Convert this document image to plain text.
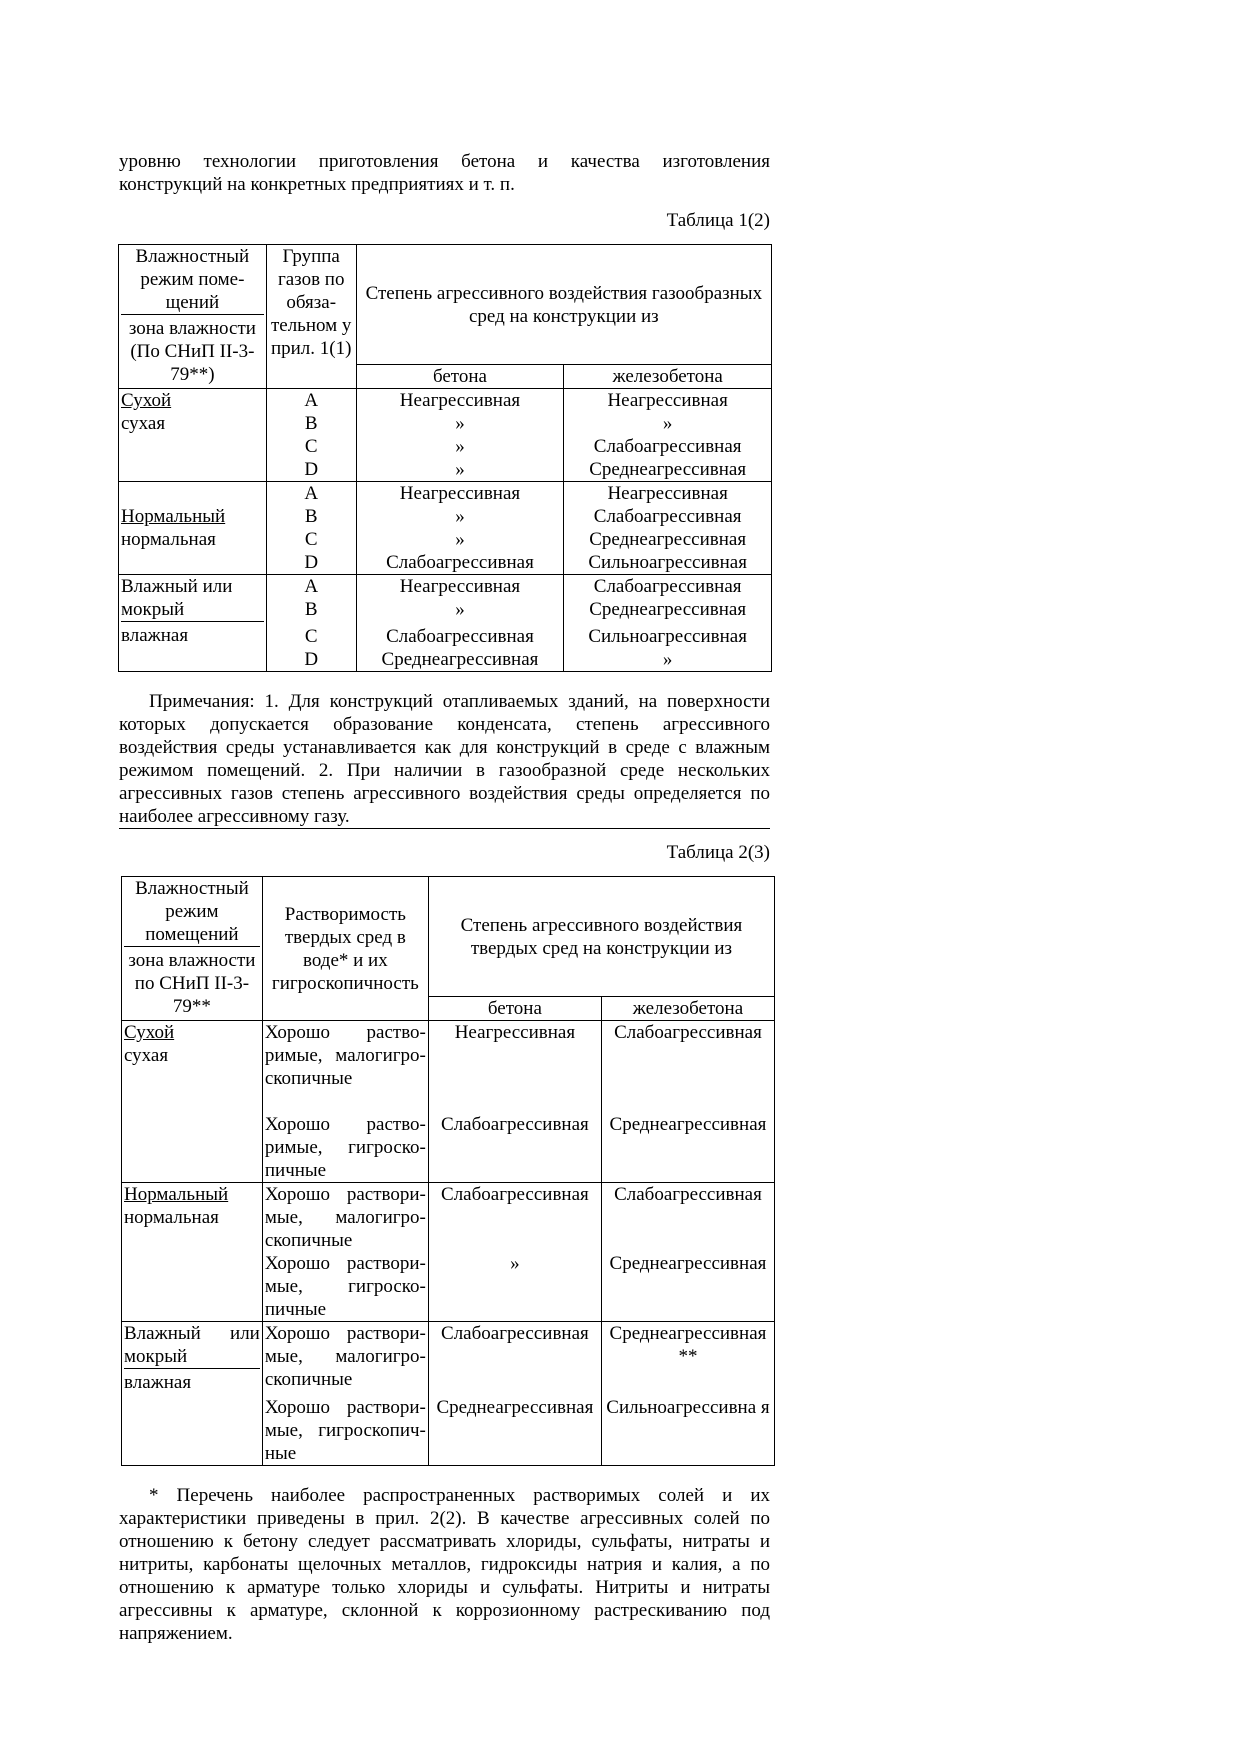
уровню технологии приготовления бетона и качества изготовления конструкций на конкретных предприятиях и т. п.
Таблица 1(2)
Влажностный режим поме-щений
зона влажности (По СНиП II-3-79**)	Группа газов по обяза-тельном у прил. 1(1)	Степень агрессивного воздействия газообразных сред на конструкции из	
		бетона	железобетона

Сухой
сухая	A	Неагрессивная	Неагрессивная
	B	»	»
	C	»	Слабоагрессивная
	D	»	Среднеагрессивная

Нормальный
нормальная	A	Неагрессивная	Неагрессивная
	B	»	Слабоагрессивная
	C	»	Среднеагрессивная
	D	Слабоагрессивная	Сильноагрессивная

Влажный или мокрый
влажная	A	Неагрессивная	Слабоагрессивная
	B	»	Среднеагрессивная
	C	Слабоагрессивная	Сильноагрессивная
	D	Среднеагрессивная	»
Примечания: 1. Для конструкций отапливаемых зданий, на поверхности которых допускается образование конденсата, степень агрессивного воздействия среды устанавливается как для конструкций в среде с влажным режимом помещений. 2. При наличии в газообразной среде нескольких агрессивных газов степень агрессивного воздействия среды определяется по наиболее агрессивному газу.
Таблица 2(3)
Влажностный режим помещений
зона влажности по СНиП II-3-79**	Растворимость твердых сред в воде* и их гигроскопичность	Степень агрессивного воздействия твердых сред на конструкции из	
		бетона	железобетона

Сухой
сухая	Хорошо раство-римые, малогигро-скопичные	Неагрессивная	Слабоагрессивная
	Хорошо раство-римые, гигроско-пичные	Слабоагрессивная	Среднеагрессивная

Нормальный
нормальная	Хорошо раствори-мые, малогигро-скопичные	Слабоагрессивная	Слабоагрессивная
	Хорошо раствори-мые, гигроско-пичные	»	Среднеагрессивная

Влажный или мокрый
влажная	Хорошо раствори-мые, малогигро-скопичные	Слабоагрессивная	Среднеагрессивная **
	Хорошо раствори-мые, гигроскопич-ные	Среднеагрессивная	Сильноагрессивна я
* Перечень наиболее распространенных растворимых солей и их характеристики приведены в прил. 2(2). В качестве агрессивных солей по отношению к бетону следует рассматривать хлориды, сульфаты, нитраты и нитриты, карбонаты щелочных металлов, гидроксиды натрия и калия, а по отношению к арматуре только хлориды и сульфаты. Нитриты и нитраты агрессивны к арматуре, склонной к коррозионному растрескиванию под напряжением.
